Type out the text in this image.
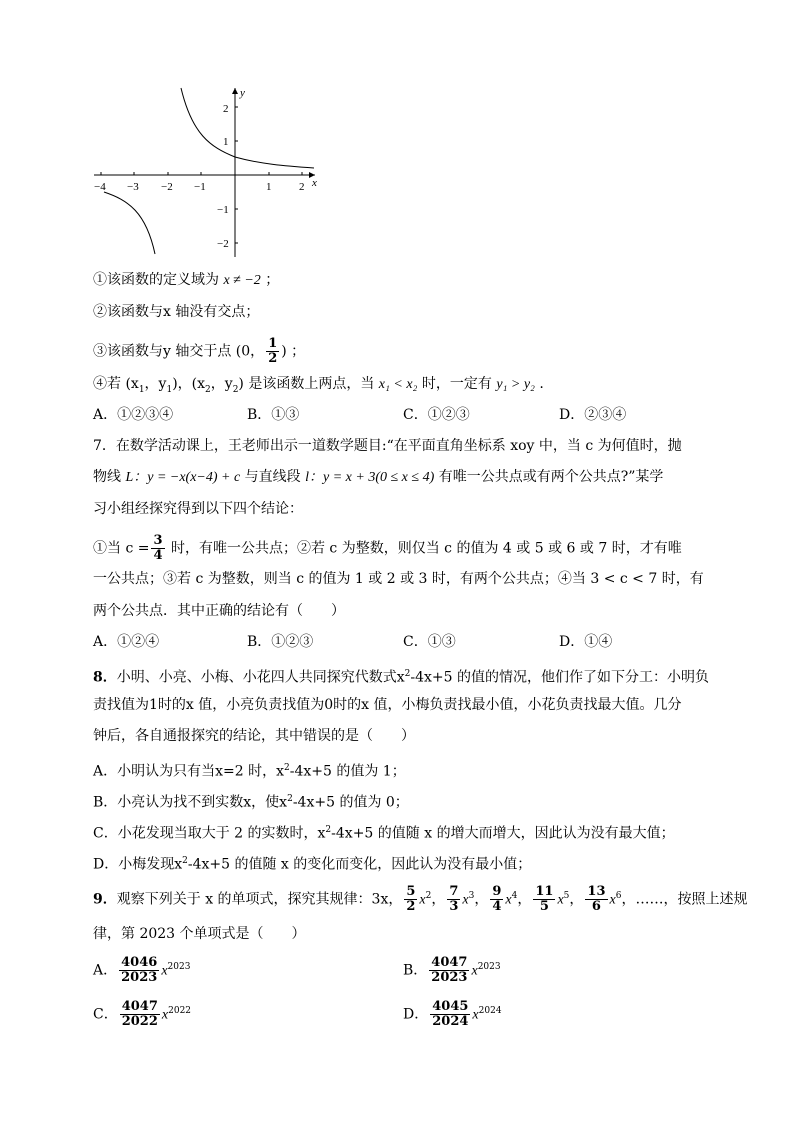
−4 −3 −2 −1	1	2 x
y
2
1
−1
−2
①该函数的定义域为 x ≠ −2 ；
②该函数与x 轴没有交点；
③该函数与y 轴交于点 (0， $\frac{1}{2}$ ) ；
④若 ($x_1$，$y_1$)，($x_2$，$y_2$) 是该函数上两点，当 x₁ < x₂ 时，一定有 y₁ > y₂ .
A．①②③④	B．①③	C．①②③	D．②③④
7．在数学活动课上，王老师出示一道数学题目:“在平面直角坐标系 xoy 中，当 c 为何值时，抛
物线 L：y = −x(x−4) + c 与直线段 l：y = x + 3(0 ≤ x ≤ 4) 有唯一公共点或有两个公共点?”某学
习小组经探究得到以下四个结论：
①当 $c = \frac{3}{4}$ 时，有唯一公共点；②若 c 为整数，则仅当 c 的值为 4 或 5 或 6 或 7 时，才有唯
一公共点；③若 c 为整数，则当 c 的值为 1 或 2 或 3 时，有两个公共点；④当 3 < c < 7 时，有
两个公共点．其中正确的结论有（　　）
A．①②④	B．①②③	C．①③	D．①④
8．小明、小亮、小梅、小花四人共同探究代数式$x^2-4x+5$ 的值的情况，他们作了如下分工：小明负
责找值为1时的x 值，小亮负责找值为0时的x 值，小梅负责找最小值，小花负责找最大值。几分
钟后，各自通报探究的结论，其中错误的是（　　）
A．小明认为只有当x=2 时，$x^2-4x+5$ 的值为 1；
B．小亮认为找不到实数x，使$x^2-4x+5$ 的值为 0；
C．小花发现当取大于 2 的实数时，$x^2-4x+5$ 的值随 x 的增大而增大，因此认为没有最大值；
D．小梅发现$x^2-4x+5$ 的值随 x 的变化而变化，因此认为没有最小值；
9．观察下列关于 x 的单项式，探究其规律：3x， $\frac{5}{2} x^2$， $\frac{7}{3} x^3$， $\frac{9}{4} x^4$， $\frac{11}{5} x^5$， $\frac{13}{6} x^6$，……，按照上述规
律，第 2023 个单项式是（　　）
A． $\frac{4046}{2023} x^{2023}$	B． $\frac{4047}{2023} x^{2023}$
C． $\frac{4047}{2022} x^{2022}$	D． $\frac{4045}{2024} x^{2024}$
